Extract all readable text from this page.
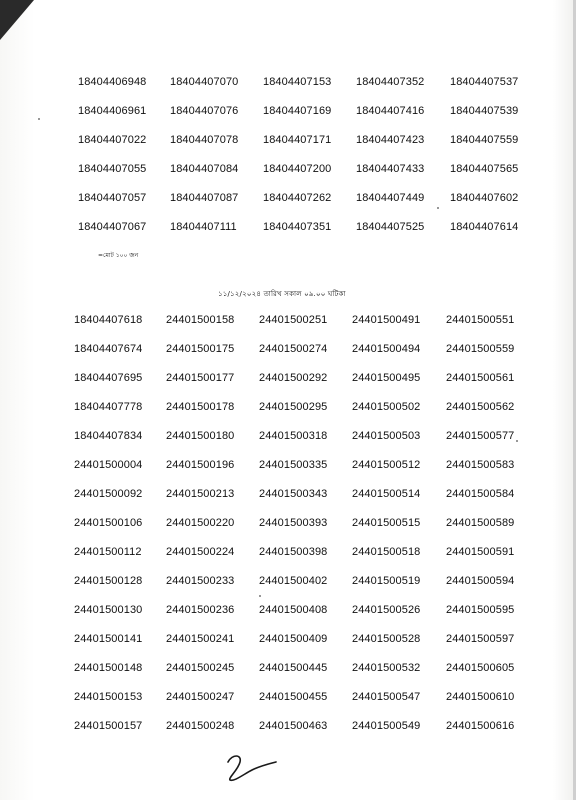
18404406948 18404407070 18404407153 18404407352 18404407537
18404406961 18404407076 18404407169 18404407416 18404407539
18404407022 18404407078 18404407171 18404407423 18404407559
18404407055 18404407084 18404407200 18404407433 18404407565
18404407057 18404407087 18404407262 18404407449 18404407602
18404407067 18404407111 18404407351 18404407525 18404407614
=মোট ১০০ জন
১১/১২/২০২৪ তারিখ সকাল ০৯.০০ ঘটিকা
18404407618 24401500158 24401500251 24401500491 24401500551
18404407674 24401500175 24401500274 24401500494 24401500559
18404407695 24401500177 24401500292 24401500495 24401500561
18404407778 24401500178 24401500295 24401500502 24401500562
18404407834 24401500180 24401500318 24401500503 24401500577
24401500004 24401500196 24401500335 24401500512 24401500583
24401500092 24401500213 24401500343 24401500514 24401500584
24401500106 24401500220 24401500393 24401500515 24401500589
24401500112 24401500224 24401500398 24401500518 24401500591
24401500128 24401500233 24401500402 24401500519 24401500594
24401500130 24401500236 24401500408 24401500526 24401500595
24401500141 24401500241 24401500409 24401500528 24401500597
24401500148 24401500245 24401500445 24401500532 24401500605
24401500153 24401500247 24401500455 24401500547 24401500610
24401500157 24401500248 24401500463 24401500549 24401500616
